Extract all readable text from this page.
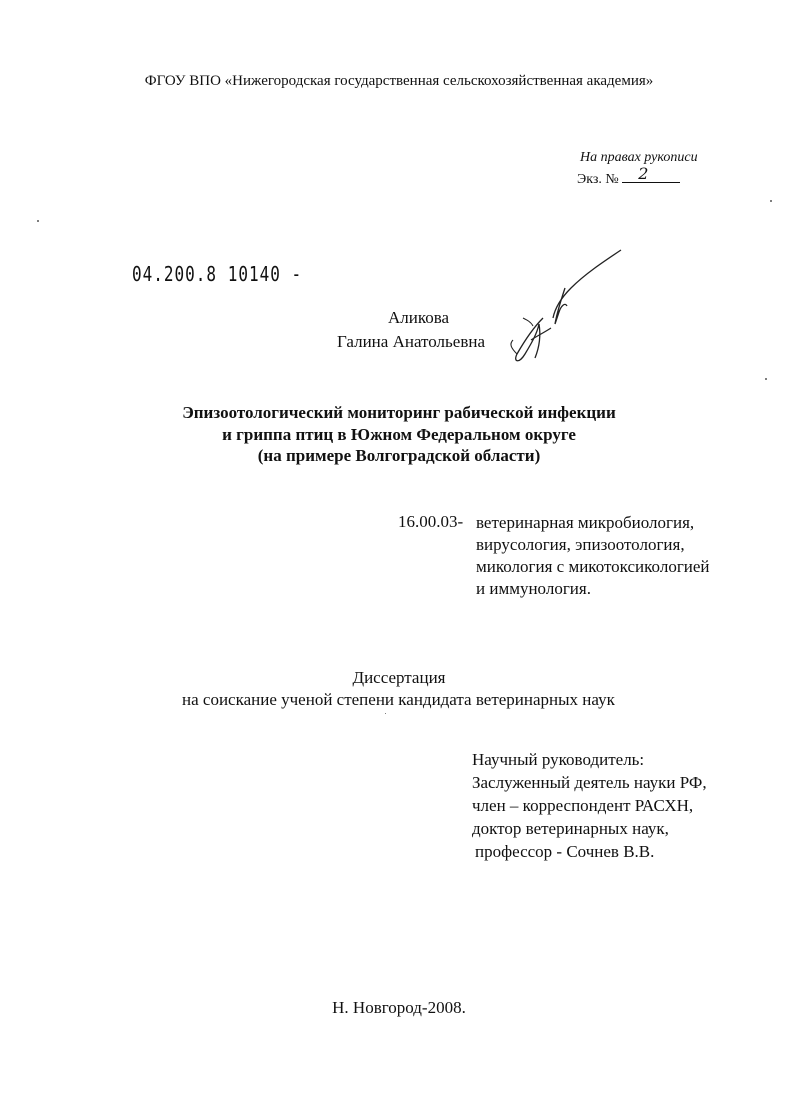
ФГОУ ВПО «Нижегородская государственная сельскохозяйственная академия»
На правах рукописи
Экз. № 2
04.200.8 10140 -
Аликова
Галина Анатольевна
Эпизоотологический мониторинг рабической инфекции
и гриппа птиц в Южном Федеральном округе
(на примере Волгоградской области)
16.00.03- ветеринарная микробиология,
вирусология, эпизоотология,
микология с микотоксикологией
и иммунология.
Диссертация
на соискание ученой степени кандидата ветеринарных наук
Научный руководитель:
Заслуженный деятель науки РФ,
член – корреспондент РАСХН,
доктор ветеринарных наук,
профессор - Сочнев В.В.
Н. Новгород-2008.
